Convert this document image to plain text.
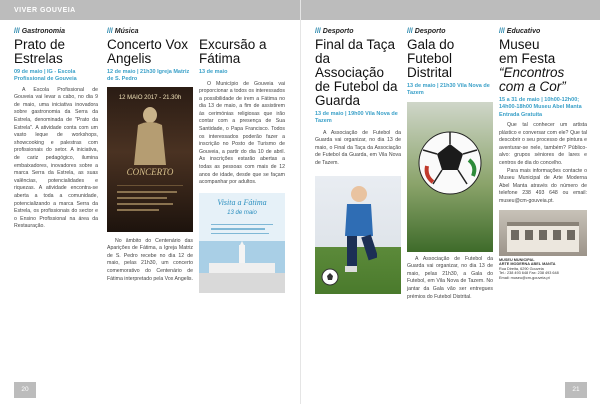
VIVER GOUVEIA
/// Gastronomia
Prato de Estrelas
09 de maio | IG - Escola Profissional de Gouveia

A Escola Profissional de Gouveia vai levar a cabo, no dia 9 de maio, uma iniciativa inovadora sobre gastronomia da Serra da Estrela, denominada de "Prato da Estrela". A atividade conta com um vasto leque de workshops, showcooking e palestras com profissionais do setor. A iniciativa, de cariz pedagógico, ilumina embaixadores, inovadores sobre a marca Serra da Estrela, as suas valências, potencialidades e riquezas. A atividade encontra-se aberta a toda a comunidade, potencializando a marca Serra da Estrela, os profissionais do sector e o Ensino Profissional na área da Restauração.

/// Música
Concerto Vox Angelis
12 de maio | 21h30 Igreja Matriz de S. Pedro
12 MAIO 2017 - 21.30h
CONCERTO

No âmbito do Centenário das Aparições de Fátima, a Igreja Matriz de S. Pedro recebe no dia 12 de maio, pelas 21h30, um concerto comemorativo do Centenário de Fátima interpretado pela Vox Angelis.

Excursão a Fátima
13 de maio

O Município de Gouveia vai proporcionar a todos os interessados a possibilidade de irem a Fátima no dia 13 de maio, a fim de assistirem às cerimónias religiosas que irão contar com a presença de Sua Santidade, o Papa Francisco. Todos os interessados poderão fazer a inscrição no Posto de Turismo de Gouveia, a partir do dia 10 de abril. As inscrições estarão abertas a todas as pessoas com mais de 12 anos de idade, desde que se façam acompanhar por adultos.

Visita a Fátima
13 de maio
20
/// Desporto
Final da Taça da Associação de Futebol da Guarda
13 de maio | 19h00 Vila Nova de Tazem

A Associação de Futebol da Guarda vai organizar, no dia 13 de maio, o Final da Taça da Associação de Futebol da Guarda, em Vila Nova de Tazem.

/// Desporto
Gala do Futebol Distrital
13 de maio | 21h30 Vila Nova de Tazem

A Associação de Futebol da Guarda vai organizar, no dia 13 de maio, pelas 21h30, a Gala do Futebol, em Vila Nova de Tazem. No jantar da Gala vão ser entregues prémios do Futebol Distrital.

/// Educativo
Museu
em Festa
“Encontros com a Cor”
15 a 31 de maio | 10h00-12h00; 14h00-18h00 Museu Abel Manta Entrada Gratuita

Que tal conhecer um artista plástico e conversar com ele? Que tal descobrir o seu processo de pintura e aventurar-se nele, também? Público-alvo: grupos séniores de lares e centros de dia do concelho.

Para mais informações contacte o Museu Municipal de Arte Moderna Abel Manta através do número de telefone 238 493 648 ou email: museu@cm-gouveia.pt.

MUSEU MUNICIPAL
ARTE MODERNA ABEL MANTA
Rua Direita, 6290 Gouveia
Tel.: 238 493 648 Fax: 238 493 648
Email: museu@cm-gouveia.pt
21
